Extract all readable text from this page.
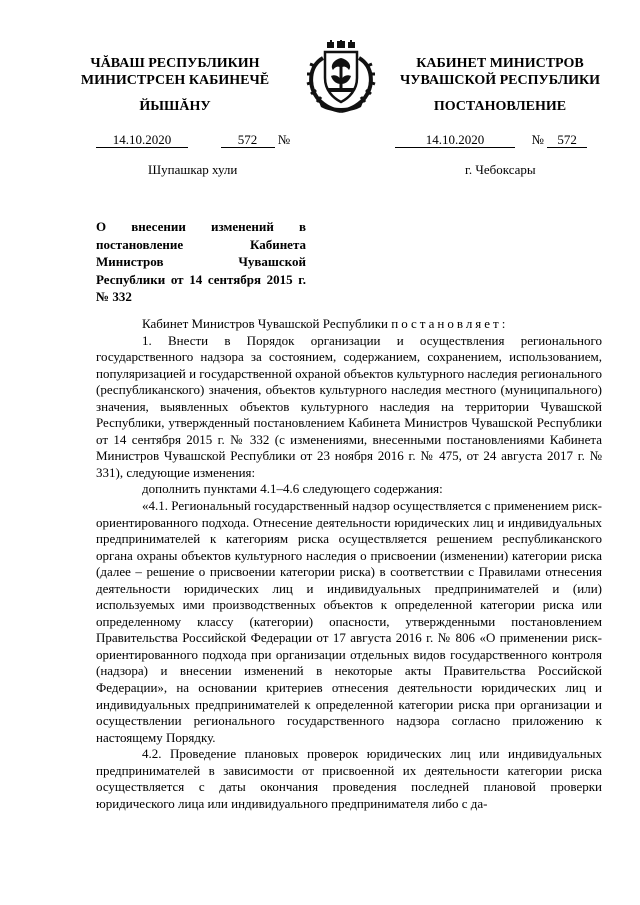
ЧĂВАШ РЕСПУБЛИКИН
МИНИСТРСЕН КАБИНЕЧĔ
ЙЫШĂНУ
КАБИНЕТ МИНИСТРОВ
ЧУВАШСКОЙ РЕСПУБЛИКИ
ПОСТАНОВЛЕНИЕ
14.10.2020	572 №	14.10.2020	№ 572
Шупашкар хули	г. Чебоксары
О внесении изменений в постановление Кабинета Министров Чувашской Республики от 14 сентября 2015 г. № 332

Кабинет Министров Чувашской Республики постановляет:

1. Внести в Порядок организации и осуществления регионального государственного надзора за состоянием, содержанием, сохранением, использованием, популяризацией и государственной охраной объектов культурного наследия регионального (республиканского) значения, объектов культурного наследия местного (муниципального) значения, выявленных объектов культурного наследия на территории Чувашской Республики, утвержденный постановлением Кабинета Министров Чувашской Республики от 14 сентября 2015 г. № 332 (с изменениями, внесенными постановлениями Кабинета Министров Чувашской Республики от 23 ноября 2016 г. № 475, от 24 августа 2017 г. № 331), следующие изменения:

дополнить пунктами 4.1–4.6 следующего содержания:

«4.1. Региональный государственный надзор осуществляется с применением риск-ориентированного подхода. Отнесение деятельности юридических лиц и индивидуальных предпринимателей к категориям риска осуществляется решением республиканского органа охраны объектов культурного наследия о присвоении (изменении) категории риска (далее – решение о присвоении категории риска) в соответствии с Правилами отнесения деятельности юридических лиц и индивидуальных предпринимателей и (или) используемых ими производственных объектов к определенной категории риска или определенному классу (категории) опасности, утвержденными постановлением Правительства Российской Федерации от 17 августа 2016 г. № 806 «О применении риск-ориентированного подхода при организации отдельных видов государственного контроля (надзора) и внесении изменений в некоторые акты Правительства Российской Федерации», на основании критериев отнесения деятельности юридических лиц и индивидуальных предпринимателей к определенной категории риска при организации и осуществлении регионального государственного надзора согласно приложению к настоящему Порядку.

4.2. Проведение плановых проверок юридических лиц или индивидуальных предпринимателей в зависимости от присвоенной их деятельности категории риска осуществляется с даты окончания проведения последней плановой проверки юридического лица или индивидуального предпринимателя либо с да-
